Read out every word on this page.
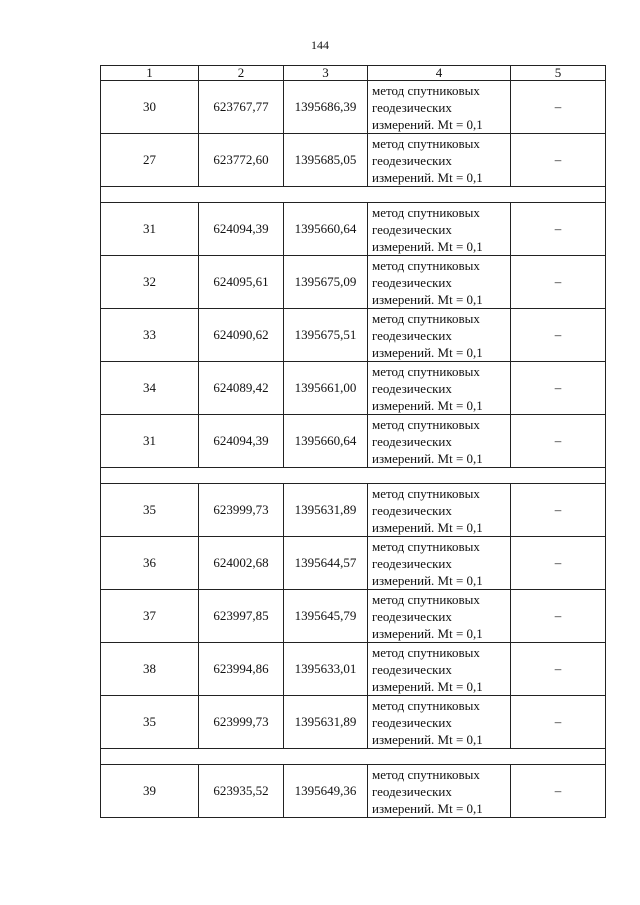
144
1	2	3	4	5
30	623767,77	1395686,39	метод спутниковых
геодезических
измерений. Mt = 0,1	–
27	623772,60	1395685,05	метод спутниковых
геодезических
измерений. Mt = 0,1	–

31	624094,39	1395660,64	метод спутниковых
геодезических
измерений. Mt = 0,1	–
32	624095,61	1395675,09	метод спутниковых
геодезических
измерений. Mt = 0,1	–
33	624090,62	1395675,51	метод спутниковых
геодезических
измерений. Mt = 0,1	–
34	624089,42	1395661,00	метод спутниковых
геодезических
измерений. Mt = 0,1	–
31	624094,39	1395660,64	метод спутниковых
геодезических
измерений. Mt = 0,1	–

35	623999,73	1395631,89	метод спутниковых
геодезических
измерений. Mt = 0,1	–
36	624002,68	1395644,57	метод спутниковых
геодезических
измерений. Mt = 0,1	–
37	623997,85	1395645,79	метод спутниковых
геодезических
измерений. Mt = 0,1	–
38	623994,86	1395633,01	метод спутниковых
геодезических
измерений. Mt = 0,1	–
35	623999,73	1395631,89	метод спутниковых
геодезических
измерений. Mt = 0,1	–

39	623935,52	1395649,36	метод спутниковых
геодезических
измерений. Mt = 0,1	–
